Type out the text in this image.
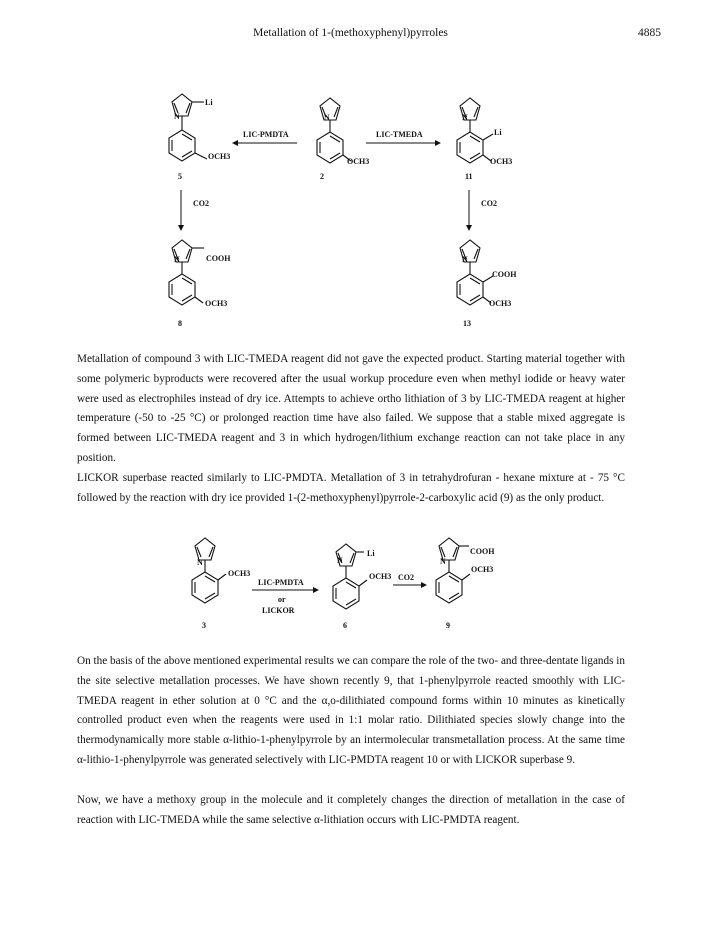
Metallation of 1-(methoxyphenyl)pyrroles	4885
N
Li
OCH3
5
N
OCH3
2
N
Li
OCH3
11
LIC-PMDTA	LIC-TMEDA
CO2	CO2
N	COOH
OCH3
8
N
COOH
OCH3
13

Metallation of compound 3 with LIC-TMEDA reagent did not gave the expected product. Starting material together with some polymeric byproducts were recovered after the usual workup procedure even when methyl iodide or heavy water were used as electrophiles instead of dry ice. Attempts to achieve ortho lithiation of 3 by LIC-TMEDA reagent at higher temperature (-50 to -25 °C) or prolonged reaction time have also failed. We suppose that a stable mixed aggregate is formed between LIC-TMEDA reagent and 3 in which hydrogen/lithium exchange reaction can not take place in any position.

LICKOR superbase reacted similarly to LIC-PMDTA. Metallation of 3 in tetrahydrofuran - hexane mixture at - 75 °C followed by the reaction with dry ice provided 1-(2-methoxyphenyl)pyrrole-2-carboxylic acid (9) as the only product.

N
OCH3
3
LIC-PMDTA
or
LICKOR
N
Li
OCH3
6
CO2
N
COOH
OCH3
9

On the basis of the above mentioned experimental results we can compare the role of the two- and three-dentate ligands in the site selective metallation processes. We have shown recently 9, that 1-phenylpyrrole reacted smoothly with LIC-TMEDA reagent in ether solution at 0 °C and the α,o-dilithiated compound forms within 10 minutes as kinetically controlled product even when the reagents were used in 1:1 molar ratio. Dilithiated species slowly change into the thermodynamically more stable α-lithio-1-phenylpyrrole by an intermolecular transmetallation process. At the same time α-lithio-1-phenylpyrrole was generated selectively with LIC-PMDTA reagent 10 or with LICKOR superbase 9.

Now, we have a methoxy group in the molecule and it completely changes the direction of metallation in the case of reaction with LIC-TMEDA while the same selective α-lithiation occurs with LIC-PMDTA reagent.
